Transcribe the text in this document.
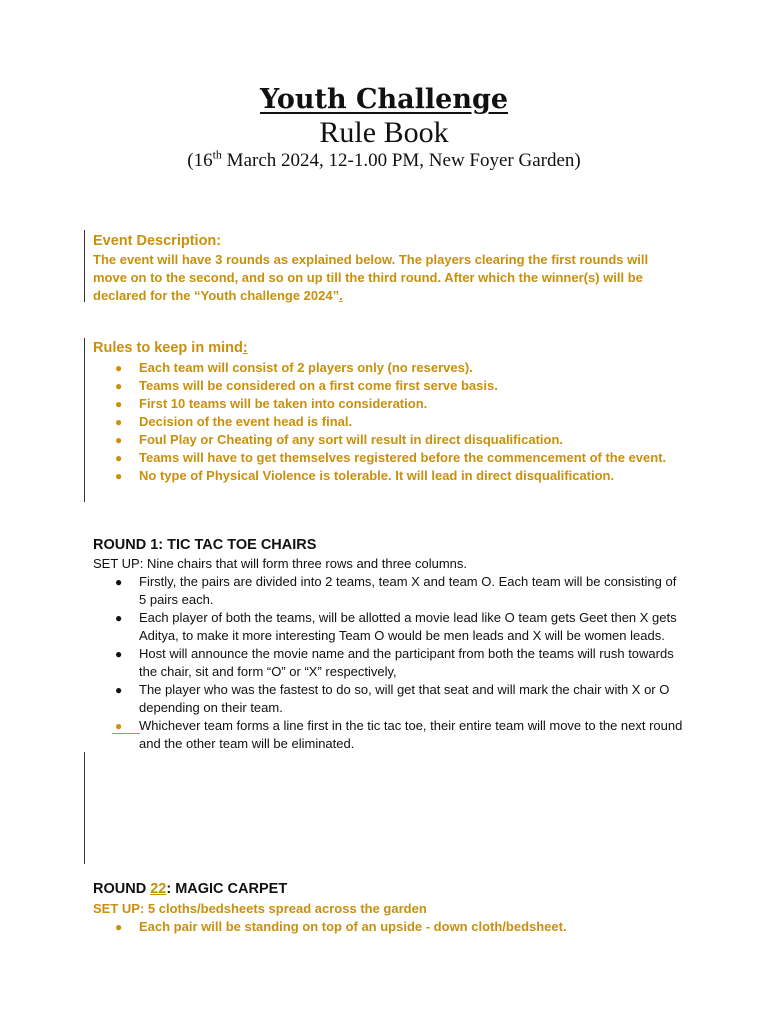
Youth Challenge
Rule Book
(16th March 2024, 12-1.00 PM, New Foyer Garden)
Event Description:
The event will have 3 rounds as explained below. The players clearing the first rounds will move on to the second, and so on up till the third round. After which the winner(s) will be declared for the “Youth challenge 2024”.
Rules to keep in mind:
● Each team will consist of 2 players only (no reserves).
● Teams will be considered on a first come first serve basis.
● First 10 teams will be taken into consideration.
● Decision of the event head is final.
● Foul Play or Cheating of any sort will result in direct disqualification.
● Teams will have to get themselves registered before the commencement of the event.
● No type of Physical Violence is tolerable. It will lead in direct disqualification.
ROUND 1: TIC TAC TOE CHAIRS
SET UP: Nine chairs that will form three rows and three columns.
● Firstly, the pairs are divided into 2 teams, team X and team O. Each team will be consisting of 5 pairs each.
● Each player of both the teams, will be allotted a movie lead like O team gets Geet then X gets Aditya, to make it more interesting Team O would be men leads and X will be women leads.
● Host will announce the movie name and the participant from both the teams will rush towards the chair, sit and form “O” or “X” respectively,
● The player who was the fastest to do so, will get that seat and will mark the chair with X or O depending on their team.
● Whichever team forms a line first in the tic tac toe, their entire team will move to the next round and the other team will be eliminated.
ROUND 22: MAGIC CARPET
SET UP: 5 cloths/bedsheets spread across the garden
● Each pair will be standing on top of an upside - down cloth/bedsheet.
